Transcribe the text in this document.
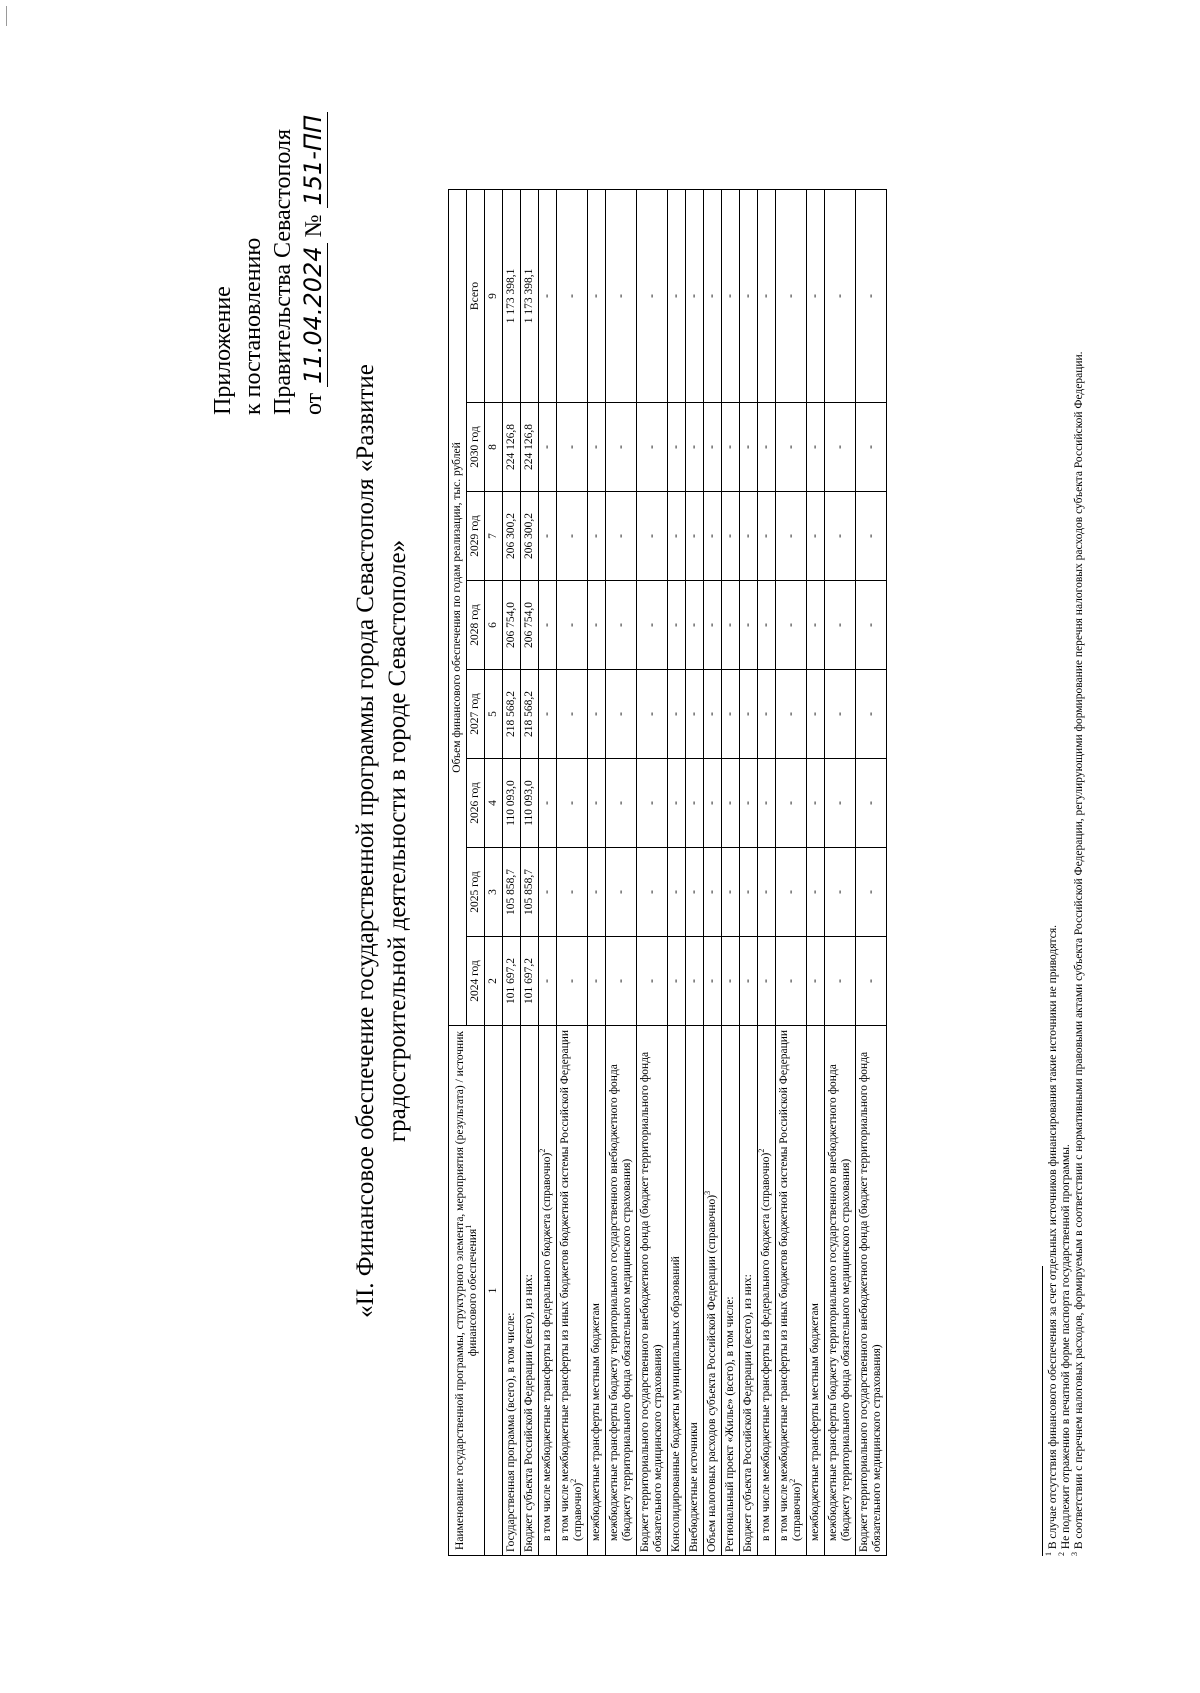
Приложение к постановлению Правительства Севастополя от 11.04.2024 № 151-ПП
«II. Финансовое обеспечение государственной программы города Севастополя «Развитие градостроительной деятельности в городе Севастополе»
Наименование государственной программы, структурного элемента, мероприятия (результата) / источник финансового обеспечения$^1$	Объем финансового обеспечения по годам реализации, тыс. рублей							
	2024 год	2025 год	2026 год	2027 год	2028 год	2029 год	2030 год	Всего
1	2	3	4	5	6	7	8	9
Государственная программа (всего), в том числе:	101 697,2	105 858,7	110 093,0	218 568,2	206 754,0	206 300,2	224 126,8	1 173 398,1
Бюджет субъекта Российской Федерации (всего), из них:	101 697,2	105 858,7	110 093,0	218 568,2	206 754,0	206 300,2	224 126,8	1 173 398,1
в том числе межбюджетные трансферты из федерального бюджета (справочно)$^2$	-	-	-	-	-	-	-	-
в том числе межбюджетные трансферты из иных бюджетов бюджетной системы Российской Федерации (справочно)$^2$	-	-	-	-	-	-	-	-
межбюджетные трансферты местным бюджетам	-	-	-	-	-	-	-	-
межбюджетные трансферты бюджету территориального государственного внебюджетного фонда (бюджету территориального фонда обязательного медицинского страхования)	-	-	-	-	-	-	-	-
Бюджет территориального государственного внебюджетного фонда (бюджет территориального фонда обязательного медицинского страхования)	-	-	-	-	-	-	-	-
Консолидированные бюджеты муниципальных образований	-	-	-	-	-	-	-	-
Внебюджетные источники	-	-	-	-	-	-	-	-
Объем налоговых расходов субъекта Российской Федерации (справочно)$^3$	-	-	-	-	-	-	-	-
Региональный проект «Жилье» (всего), в том числе:	-	-	-	-	-	-	-	-
Бюджет субъекта Российской Федерации (всего), из них:	-	-	-	-	-	-	-	-
в том числе межбюджетные трансферты из федерального бюджета (справочно)$^2$	-	-	-	-	-	-	-	-
в том числе межбюджетные трансферты из иных бюджетов бюджетной системы Российской Федерации (справочно)$^2$	-	-	-	-	-	-	-	-
межбюджетные трансферты местным бюджетам	-	-	-	-	-	-	-	-
межбюджетные трансферты бюджету территориального государственного внебюджетного фонда (бюджету территориального фонда обязательного медицинского страхования)	-	-	-	-	-	-	-	-
Бюджет территориального государственного внебюджетного фонда (бюджет территориального фонда обязательного медицинского страхования)	-	-	-	-	-	-	-	-
$^1$ В случае отсутствия финансового обеспечения за счет отдельных источников финансирования такие источники не приводятся.
$^2$ Не подлежит отражению в печатной форме паспорта государственной программы.
$^3$ В соответствии с перечнем налоговых расходов, формируемым в соответствии с нормативными правовыми актами субъекта Российской Федерации, регулирующими формирование перечня налоговых расходов субъекта Российской Федерации.
